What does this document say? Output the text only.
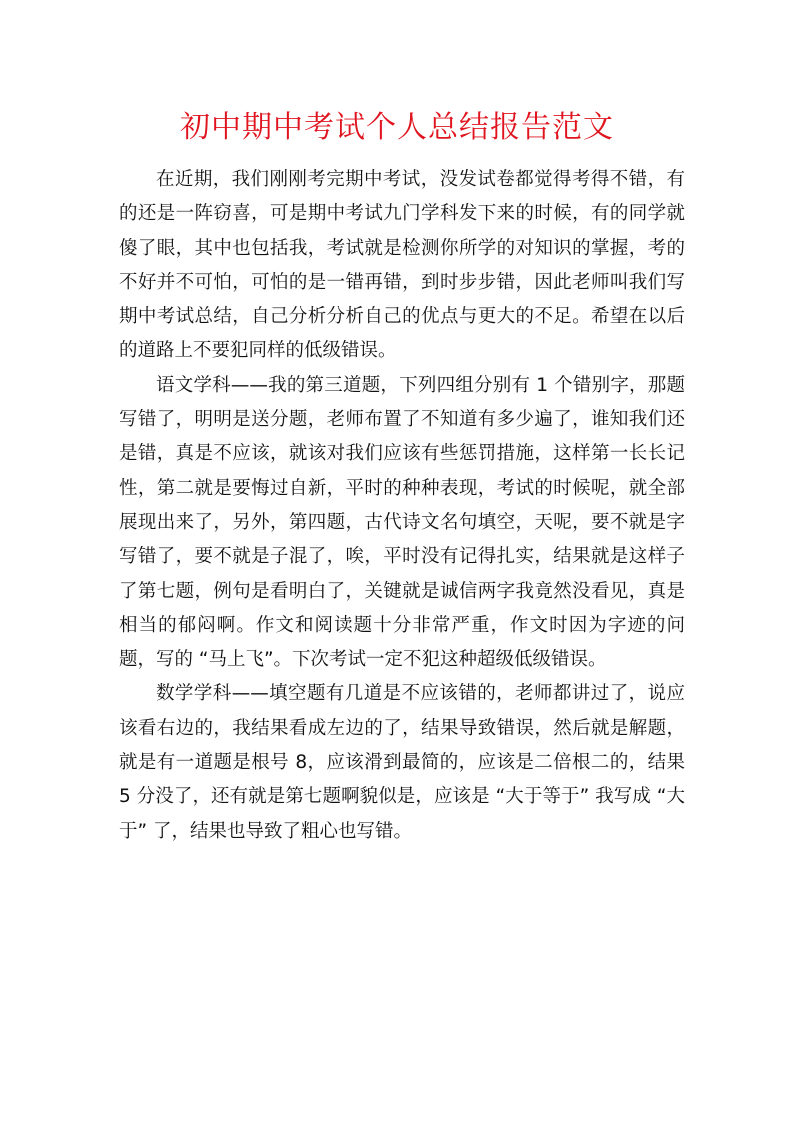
初中期中考试个人总结报告范文

在近期，我们刚刚考完期中考试，没发试卷都觉得考得不错，有的还是一阵窃喜，可是期中考试九门学科发下来的时候，有的同学就傻了眼，其中也包括我，考试就是检测你所学的对知识的掌握，考的不好并不可怕，可怕的是一错再错，到时步步错，因此老师叫我们写期中考试总结，自己分析分析自己的优点与更大的不足。希望在以后的道路上不要犯同样的低级错误。

语文学科——我的第三道题，下列四组分别有 1 个错别字，那题写错了，明明是送分题，老师布置了不知道有多少遍了，谁知我们还是错，真是不应该，就该对我们应该有些惩罚措施，这样第一长长记性，第二就是要悔过自新，平时的种种表现，考试的时候呢，就全部展现出来了，另外，第四题，古代诗文名句填空，天呢，要不就是字写错了，要不就是子混了，唉，平时没有记得扎实，结果就是这样子了第七题，例句是看明白了，关键就是诚信两字我竟然没看见，真是相当的郁闷啊。作文和阅读题十分非常严重，作文时因为字迹的问题，写的 “马上飞”。下次考试一定不犯这种超级低级错误。

数学学科——填空题有几道是不应该错的，老师都讲过了，说应该看右边的，我结果看成左边的了，结果导致错误，然后就是解题，就是有一道题是根号 8，应该滑到最简的，应该是二倍根二的，结果 5 分没了，还有就是第七题啊貌似是，应该是 “大于等于” 我写成 “大于” 了，结果也导致了粗心也写错。
